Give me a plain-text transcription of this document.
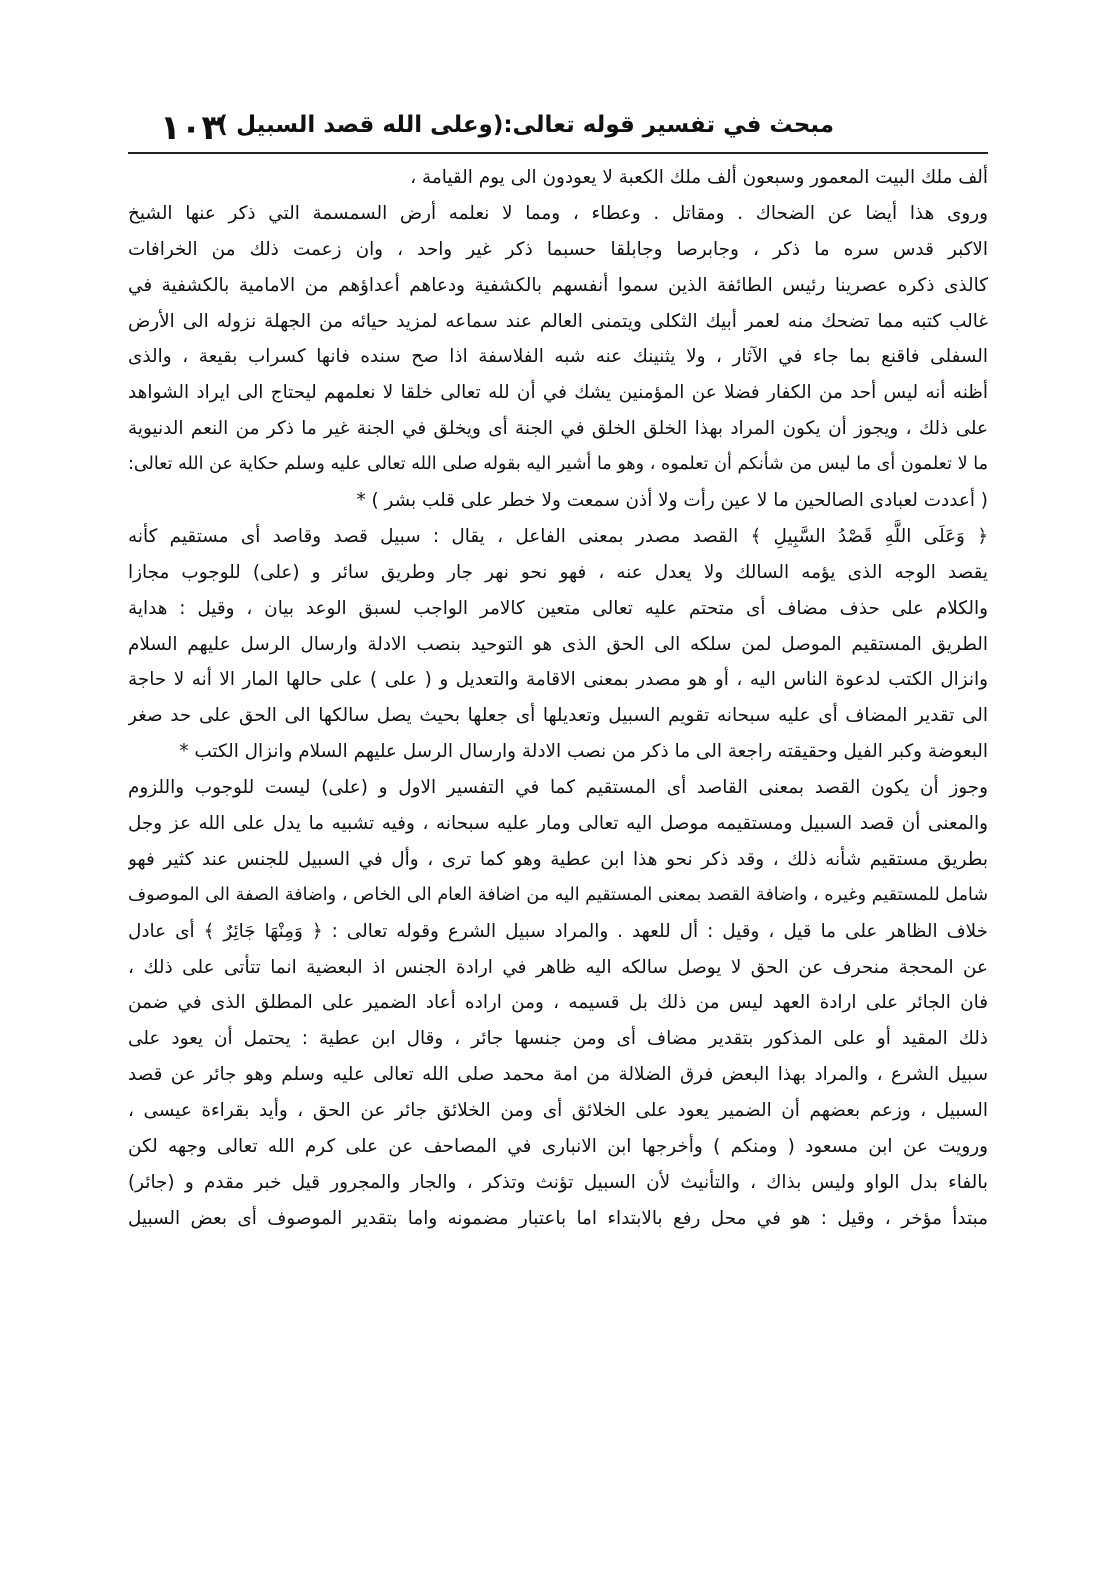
مبحث في تفسير قوله تعالى:(وعلى الله قصد السبيل )
١٠٣
ألف ملك البيت المعمور وسبعون ألف ملك الكعبة لا يعودون الى يوم القيامة ،
وروى هذا أيضا عن الضحاك . ومقاتل . وعطاء ، ومما لا نعلمه أرض السمسمة التي ذكر عنها الشيخ
الاكبر قدس سره ما ذكر ، وجابرصا وجابلقا حسبما ذكر غير واحد ، وان زعمت ذلك من الخرافات
كالذى ذكره عصرينا رئيس الطائفة الذين سموا أنفسهم بالكشفية ودعاهم أعداؤهم من الامامية بالكشفية في
غالب كتبه مما تضحك منه لعمر أبيك الثكلى ويتمنى العالم عند سماعه لمزيد حيائه من الجهلة نزوله الى الأرض
السفلى فاقنع بما جاء في الآثار ، ولا يثنينك عنه شبه الفلاسفة اذا صح سنده فانها كسراب بقيعة ، والذى
أظنه أنه ليس أحد من الكفار فضلا عن المؤمنين يشك في أن لله تعالى خلقا لا نعلمهم ليحتاج الى ايراد الشواهد
على ذلك ، ويجوز أن يكون المراد بهذا الخلق الخلق في الجنة أى ويخلق في الجنة غير ما ذكر من النعم الدنيوية
ما لا تعلمون أى ما ليس من شأنكم أن تعلموه ، وهو ما أشير اليه بقوله صلى الله تعالى عليه وسلم حكاية عن الله تعالى:
( أعددت لعبادى الصالحين ما لا عين رأت ولا أذن سمعت ولا خطر على قلب بشر ) *
﴿ وَعَلَى اللَّهِ قَصْدُ السَّبِيلِ ﴾ القصد مصدر بمعنى الفاعل ، يقال : سبيل قصد وقاصد أى مستقيم كأنه
يقصد الوجه الذى يؤمه السالك ولا يعدل عنه ، فهو نحو نهر جار وطريق سائر و (على) للوجوب مجازا
والكلام على حذف مضاف أى متحتم عليه تعالى متعين كالامر الواجب لسبق الوعد بيان ، وقيل : هداية
الطريق المستقيم الموصل لمن سلكه الى الحق الذى هو التوحيد بنصب الادلة وارسال الرسل عليهم السلام
وانزال الكتب لدعوة الناس اليه ، أو هو مصدر بمعنى الاقامة والتعديل و ( على ) على حالها المار الا أنه لا حاجة
الى تقدير المضاف أى عليه سبحانه تقويم السبيل وتعديلها أى جعلها بحيث يصل سالكها الى الحق على حد صغر
البعوضة وكبر الفيل وحقيقته راجعة الى ما ذكر من نصب الادلة وارسال الرسل عليهم السلام وانزال الكتب *
وجوز أن يكون القصد بمعنى القاصد أى المستقيم كما في التفسير الاول و (على) ليست للوجوب واللزوم
والمعنى أن قصد السبيل ومستقيمه موصل اليه تعالى ومار عليه سبحانه ، وفيه تشبيه ما يدل على الله عز وجل
بطريق مستقيم شأنه ذلك ، وقد ذكر نحو هذا ابن عطية وهو كما ترى ، وأل في السبيل للجنس عند كثير فهو
شامل للمستقيم وغيره ، واضافة القصد بمعنى المستقيم اليه من اضافة العام الى الخاص ، واضافة الصفة الى الموصوف
خلاف الظاهر على ما قيل ، وقيل : أل للعهد . والمراد سبيل الشرع وقوله تعالى : ﴿ وَمِنْهَا جَائِرٌ ﴾ أى عادل
عن المحجة منحرف عن الحق لا يوصل سالكه اليه ظاهر في ارادة الجنس اذ البعضية انما تتأتى على ذلك ،
فان الجائر على ارادة العهد ليس من ذلك بل قسيمه ، ومن اراده أعاد الضمير على المطلق الذى في ضمن
ذلك المقيد أو على المذكور بتقدير مضاف أى ومن جنسها جائر ، وقال ابن عطية : يحتمل أن يعود على
سبيل الشرع ، والمراد بهذا البعض فرق الضلالة من امة محمد صلى الله تعالى عليه وسلم وهو جائر عن قصد
السبيل ، وزعم بعضهم أن الضمير يعود على الخلائق أى ومن الخلائق جائر عن الحق ، وأيد بقراءة عيسى ،
ورويت عن ابن مسعود ( ومنكم ) وأخرجها ابن الانبارى في المصاحف عن على كرم الله تعالى وجهه لكن
بالفاء بدل الواو وليس بذاك ، والتأنيث لأن السبيل تؤنث وتذكر ، والجار والمجرور قيل خبر مقدم و (جائر)
مبتدأ مؤخر ، وقيل : هو في محل رفع بالابتداء اما باعتبار مضمونه واما بتقدير الموصوف أى بعض السبيل
